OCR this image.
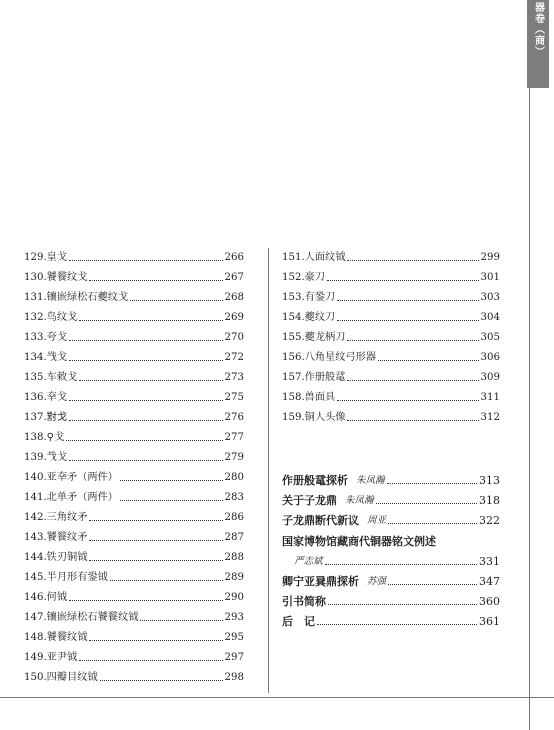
器卷（商）
129.皇戈	266
130.饕餮纹戈	267
131.镶嵌绿松石夔纹戈	268
132.鸟纹戈	269
133.夸戈	270
134.㦰戈	272
135.车敕戈	273
136.㚔戈	275
137.𡭊戈	276
138.⚲戈	277
139.𢦏戈	279
140.亚㚔矛（两件）	280
141.北单矛（两件）	283
142.三角纹矛	286
143.饕餮纹矛	287
144.铁刃铜钺	288
145.半月形有銎钺	289
146.何钺	290
147.镶嵌绿松石饕餮纹钺	293
148.饕餮纹钺	295
149.亚尹钺	297
150.四瓣目纹钺	298
151.人面纹钺	299
152.豪刀	301
153.有銎刀	303
154.夔纹刀	304
155.夔龙柄刀	305
156.八角星纹弓形器	306
157.作册般鼋	309
158.兽面具	311
159.铜人头像	312
作册般鼋探析 朱凤瀚	313
关于子龙鼎 朱凤瀚	318
子龙鼎断代新议 周亚	322
国家博物馆藏商代铜器铭文例述
严志斌	331
卿宁亚㠱鼎探析 苏强	347
引书简称	360
后　记	361
